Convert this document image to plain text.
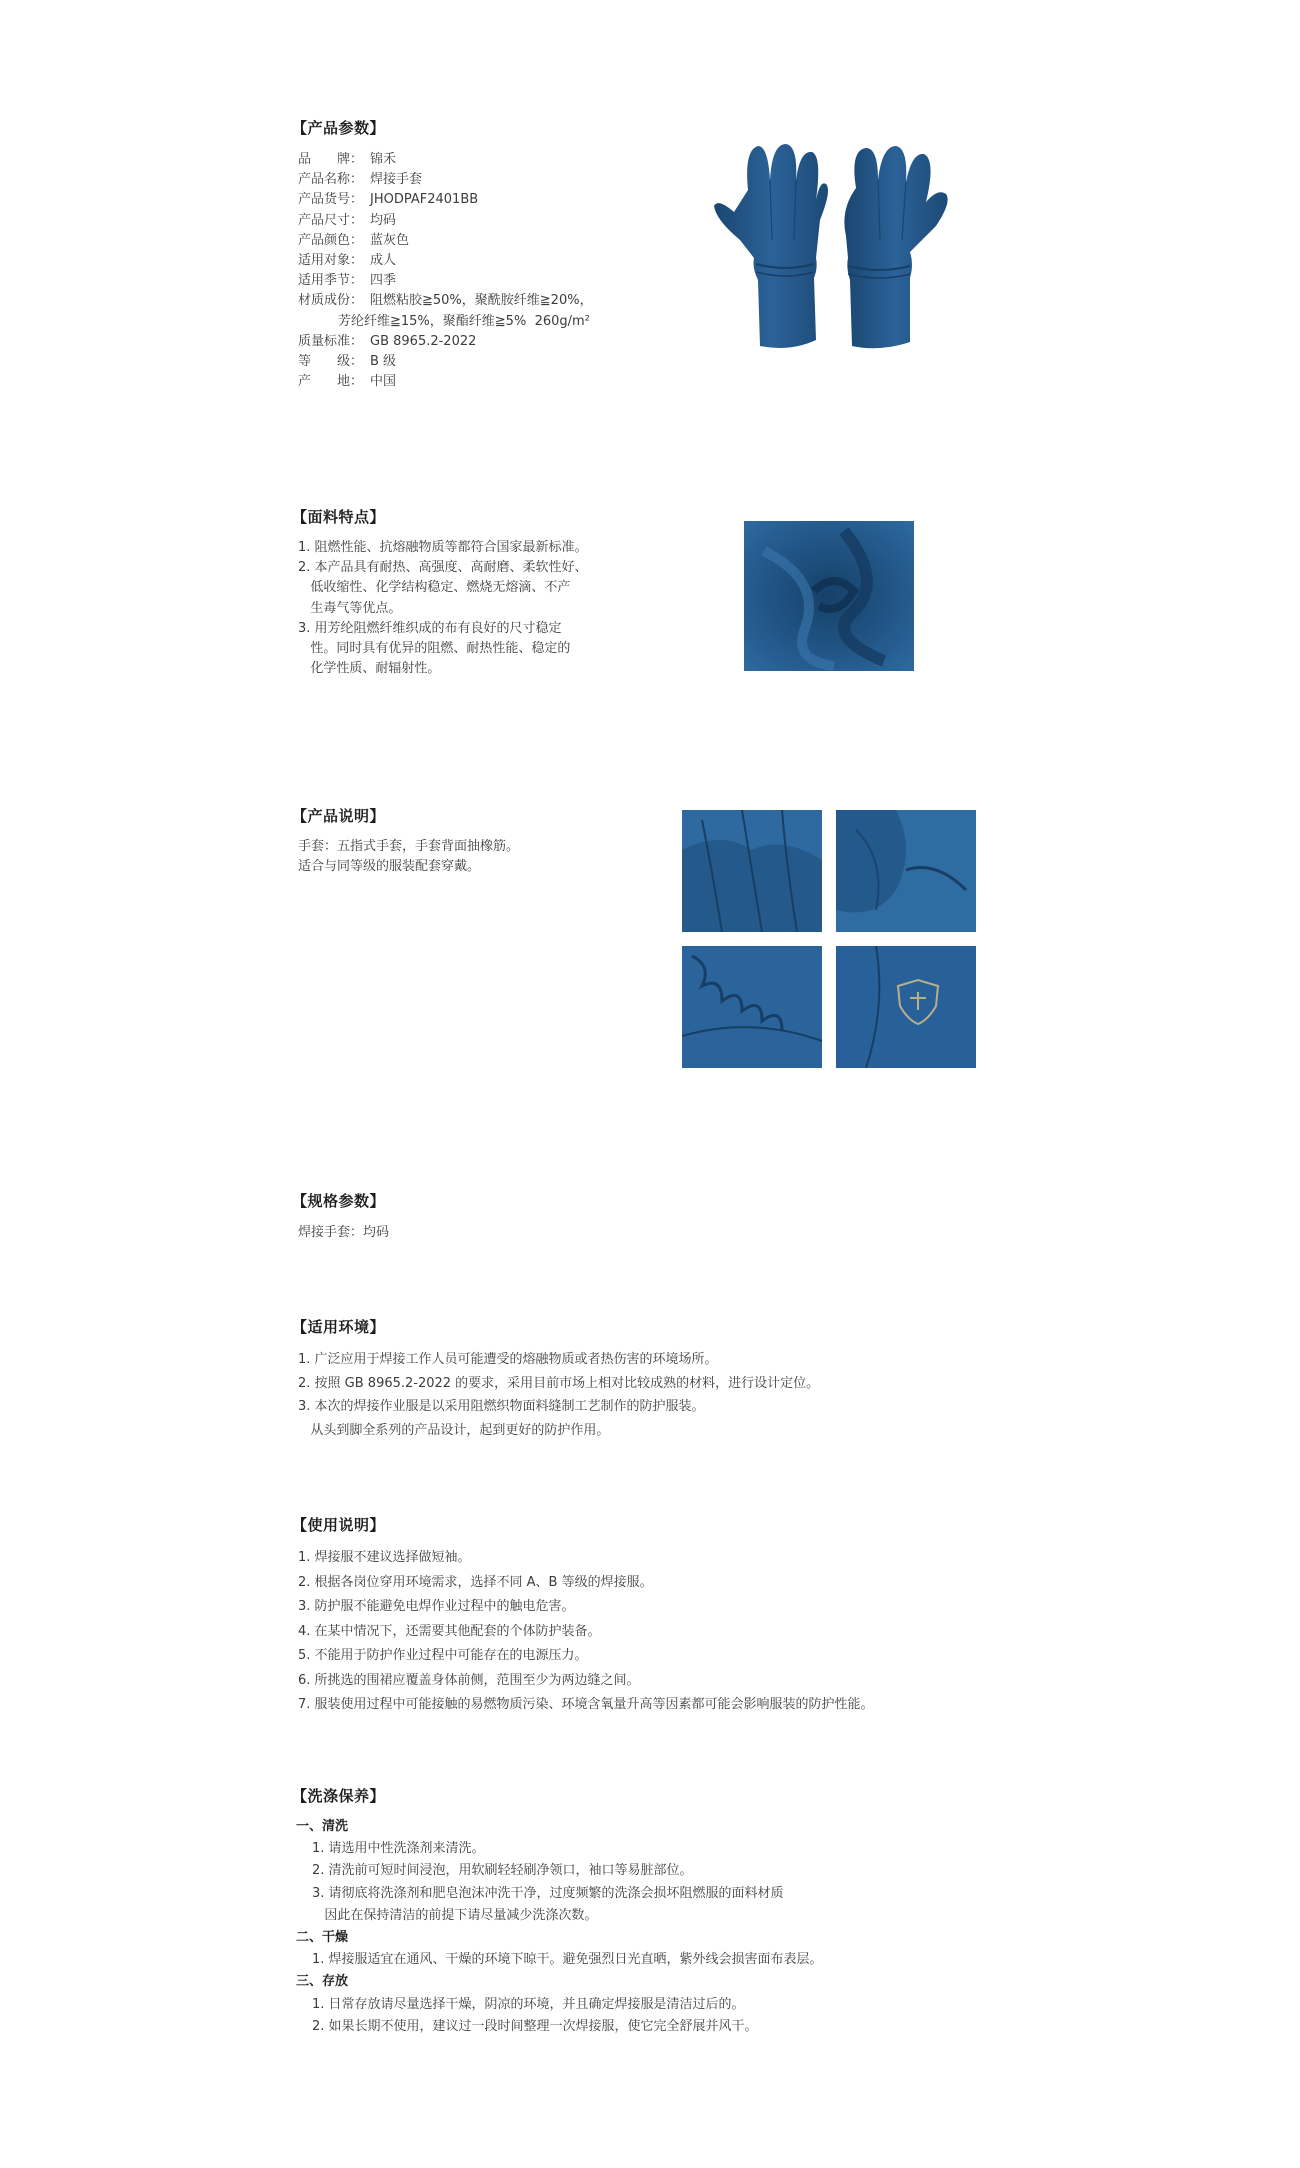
【产品参数】
品　　牌： 锦禾
产品名称： 焊接手套
产品货号： JHODPAF2401BB
产品尺寸： 均码
产品颜色： 蓝灰色
适用对象： 成人
适用季节： 四季
材质成份： 阻燃粘胶≧50%，聚酰胺纤维≧20%，
芳纶纤维≧15%，聚酯纤维≧5%  260g/m²
质量标准： GB 8965.2-2022
等　　级： B 级
产　　地： 中国
【面料特点】
1. 阻燃性能、抗熔融物质等都符合国家最新标准。
2. 本产品具有耐热、高强度、高耐磨、柔软性好、
低收缩性、化学结构稳定、燃烧无熔滴、不产
生毒气等优点。
3. 用芳纶阻燃纤维织成的布有良好的尺寸稳定
性。同时具有优异的阻燃、耐热性能、稳定的
化学性质、耐辐射性。
【产品说明】
手套：五指式手套，手套背面抽橡筋。
适合与同等级的服装配套穿戴。
【规格参数】
焊接手套：均码
【适用环境】
1. 广泛应用于焊接工作人员可能遭受的熔融物质或者热伤害的环境场所。
2. 按照 GB 8965.2-2022 的要求，采用目前市场上相对比较成熟的材料，进行设计定位。
3. 本次的焊接作业服是以采用阻燃织物面料缝制工艺制作的防护服装。
从头到脚全系列的产品设计，起到更好的防护作用。
【使用说明】
1. 焊接服不建议选择做短袖。
2. 根据各岗位穿用环境需求，选择不同 A、B 等级的焊接服。
3. 防护服不能避免电焊作业过程中的触电危害。
4. 在某中情况下，还需要其他配套的个体防护装备。
5. 不能用于防护作业过程中可能存在的电源压力。
6. 所挑选的围裙应覆盖身体前侧，范围至少为两边缝之间。
7. 服装使用过程中可能接触的易燃物质污染、环境含氧量升高等因素都可能会影响服装的防护性能。
【洗涤保养】
一、清洗
1. 请选用中性洗涤剂来清洗。
2. 清洗前可短时间浸泡，用软刷轻轻刷净领口，袖口等易脏部位。
3. 请彻底将洗涤剂和肥皂泡沫冲洗干净，过度频繁的洗涤会损坏阻燃服的面料材质
因此在保持清洁的前提下请尽量减少洗涤次数。
二、干燥
1. 焊接服适宜在通风、干燥的环境下晾干。避免强烈日光直晒，紫外线会损害面布表层。
三、存放
1. 日常存放请尽量选择干燥，阴凉的环境，并且确定焊接服是清洁过后的。
2. 如果长期不使用，建议过一段时间整理一次焊接服，使它完全舒展并风干。
